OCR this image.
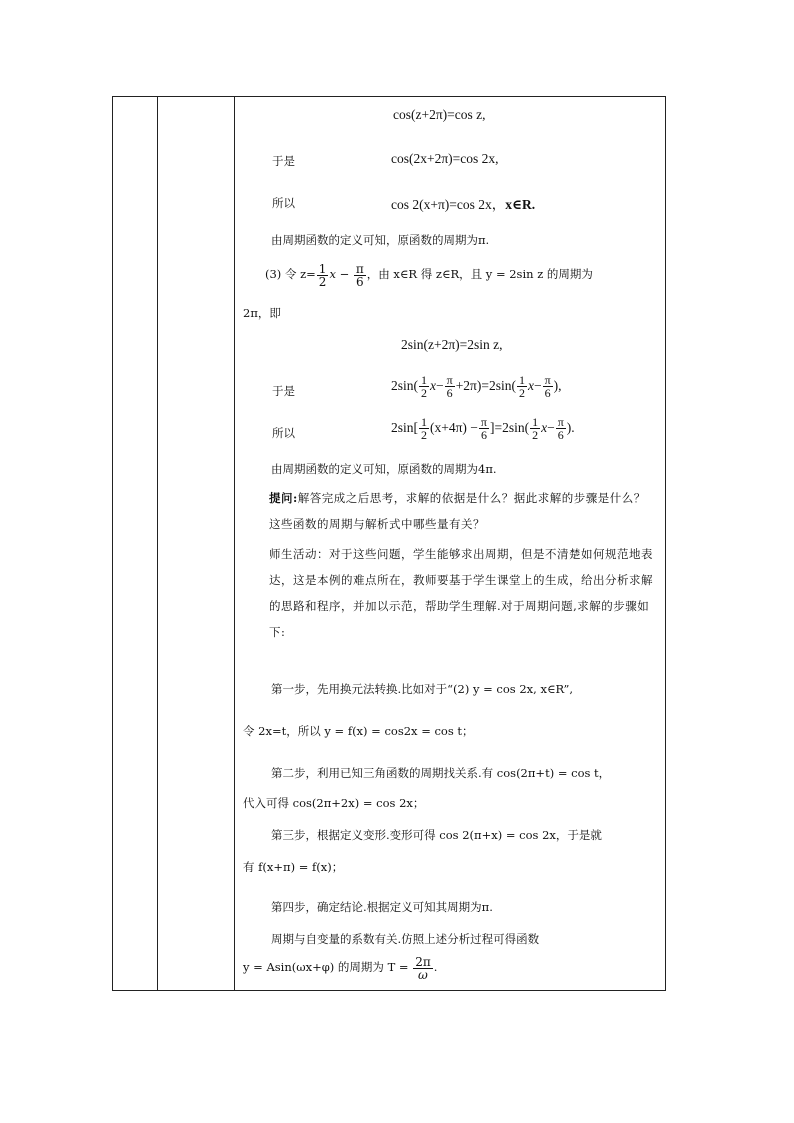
cos(z+2π)=cos z,
于是	cos(2x+2π)=cos 2x,
所以	cos 2(x+π)=cos 2x，x∈R.
由周期函数的定义可知，原函数的周期为π.
(3) 令 $z= \frac{1}{2}$ $x - \frac{\pi}{6}$ ，由 x∈R 得 z∈R，且 y = 2sin z 的周期为
2π，即
2sin(z+2π)=2sin z,
于是	$2\sin( \frac{1}{2} x- \frac{\pi}{6} +2\pi)=2\sin( \frac{1}{2} x- \frac{\pi}{6}$ ),
所以	$2\sin[ \frac{1}{2} (x+4\pi) - \frac{\pi}{6} ]=2\sin( \frac{1}{2} x- \frac{\pi}{6}$ ).
由周期函数的定义可知，原函数的周期为4π.
提问:解答完成之后思考，求解的依据是什么？据此求解的步骤是什么？这些函数的周期与解析式中哪些量有关？
师生活动：对于这些问题，学生能够求出周期，但是不清楚如何规范地表达，这是本例的难点所在，教师要基于学生课堂上的生成，给出分析求解的思路和程序，并加以示范，帮助学生理解.对于周期问题,求解的步骤如下:
第一步，先用换元法转换.比如对于“(2) y = cos 2x, x∈R”,
令 2x=t，所以 y = f(x) = cos2x = cos t；
第二步，利用已知三角函数的周期找关系.有 cos(2π+t) = cos t，
代入可得 cos(2π+2x) = cos 2x；
第三步，根据定义变形.变形可得 cos 2(π+x) = cos 2x，于是就
有 f(x+π) = f(x)；
第四步，确定结论.根据定义可知其周期为π.
周期与自变量的系数有关.仿照上述分析过程可得函数
y = Asin(ωx+φ) 的周期为 $T = \frac{2\pi}{\omega}$ .
